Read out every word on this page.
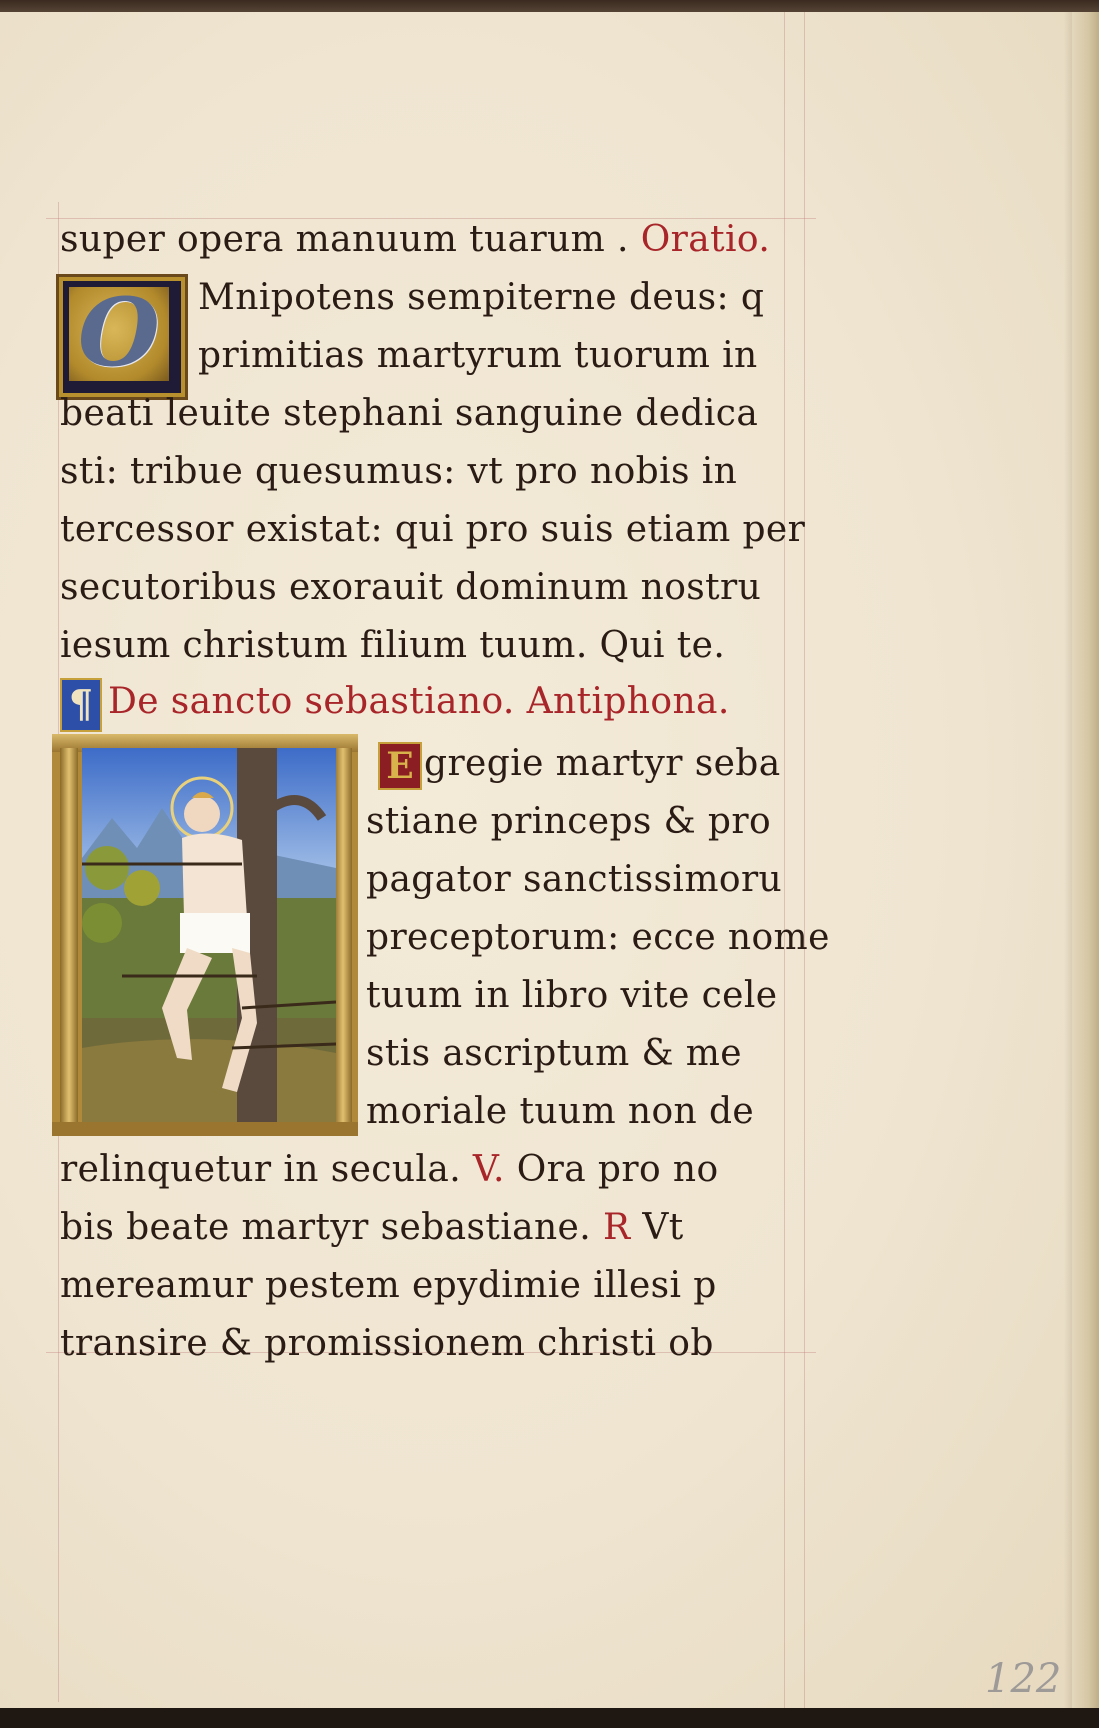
super opera manuum tuarum . Oratio.
O Mnipotens sempiterne deus: q
primitias martyrum tuorum in
beati leuite stephani sanguine dedica
sti: tribue quesumus: vt pro nobis in
tercessor existat: qui pro suis etiam per
secutoribus exorauit dominum nostru
iesum christum filium tuum. Qui te.
¶ De sancto sebastiano. Antiphona.
E gregie martyr seba
stiane princeps & pro
pagator sanctissimoru
preceptorum: ecce nome
tuum in libro vite cele
stis ascriptum & me
moriale tuum non de
relinquetur in secula. V. Ora pro no
bis beate martyr sebastiane. R Vt
mereamur pestem epydimie illesi p
transire & promissionem christi ob
122
